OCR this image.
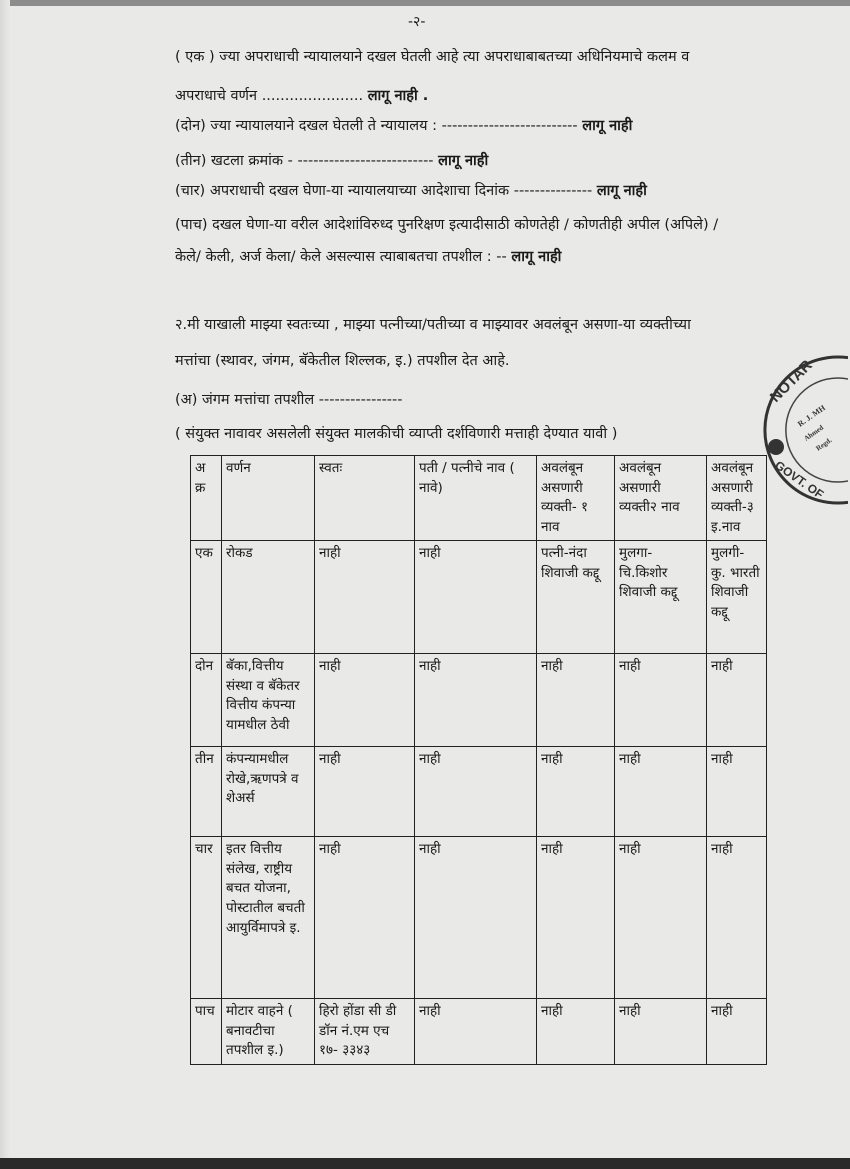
-२-
( एक ) ज्या अपराधाची न्यायालयाने दखल घेतली आहे त्या अपराधाबाबतच्या अधिनियमाचे कलम व
अपराधाचे वर्णन ...................... लागू नाही .
(दोन) ज्या न्यायालयाने दखल घेतली ते न्यायालय : -------------------------- लागू नाही
(तीन) खटला क्रमांक - -------------------------- लागू नाही
(चार) अपराधाची दखल घेणा-या न्यायालयाच्या आदेशाचा दिनांक --------------- लागू नाही
(पाच) दखल घेणा-या वरील आदेशांविरुध्द पुनरिक्षण इत्यादीसाठी कोणतेही / कोणतीही अपील (अपिले) /
केले/ केली, अर्ज केला/ केले असल्यास त्याबाबतचा तपशील : -- लागू नाही
२.मी याखाली माझ्या स्वतःच्या , माझ्या पत्नीच्या/पतीच्या व माझ्यावर अवलंबून असणा-या व्यक्तीच्या
मत्तांचा (स्थावर, जंगम, बॅकेतील शिल्लक, इ.) तपशील देत आहे.
(अ) जंगम मत्तांचा तपशील ----------------
( संयुक्त नावावर असलेली संयुक्त मालकीची व्याप्ती दर्शविणारी मत्ताही देण्यात यावी )
अ क्र	वर्णन	स्वतः	पती / पत्नीचे नाव ( नावे)	अवलंबून असणारी व्यक्ती- १ नाव	अवलंबून असणारी व्यक्ती२ नाव	अवलंबून असणारी व्यक्ती-३ इ.नाव
एक	रोकड	नाही	नाही	पत्नी-नंदा शिवाजी कद्दू	मुलगा- चि.किशोर शिवाजी कद्दू	मुलगी- कु. भारती शिवाजी कद्दू
दोन	बॅका,वित्तीय संस्था व बॅकेतर वित्तीय कंपन्या यामधील ठेवी	नाही	नाही	नाही	नाही	नाही
तीन	कंपन्यामधील रोखे,ऋणपत्रे व शेअर्स	नाही	नाही	नाही	नाही	नाही
चार	इतर वित्तीय संलेख, राष्ट्रीय बचत योजना, पोस्टातील बचती आयुर्विमापत्रे इ.	नाही	नाही	नाही	नाही	नाही
पाच	मोटार वाहने ( बनावटीचा तपशील इ.)	हिरो होंडा सी डी डॉन नं.एम एच १७- ३३४३	नाही	नाही	नाही	नाही
NOTAR
GOVT. OF
R. J. MH
Ahmed
Regd.
